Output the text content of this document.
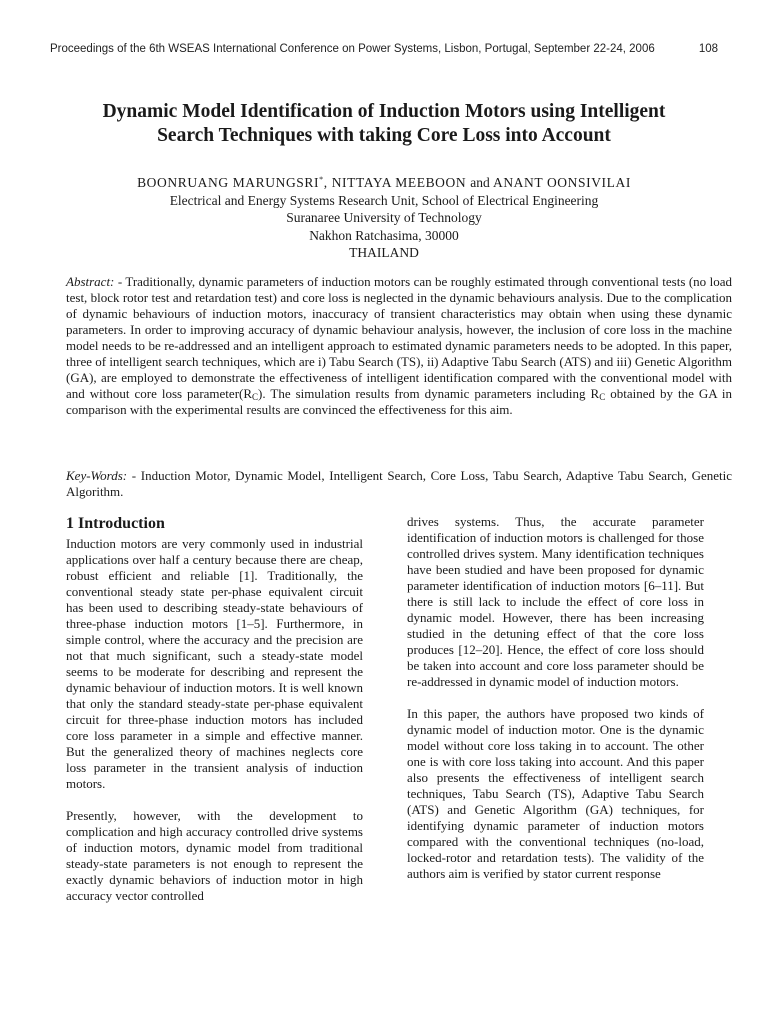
Proceedings of the 6th WSEAS International Conference on Power Systems, Lisbon, Portugal, September 22-24, 2006	108
Dynamic Model Identification of Induction Motors using Intelligent
Search Techniques with taking Core Loss into Account
BOONRUANG MARUNGSRI*, NITTAYA MEEBOON and ANANT OONSIVILAI
Electrical and Energy Systems Research Unit, School of Electrical Engineering
Suranaree University of Technology
Nakhon Ratchasima, 30000
THAILAND

Abstract: - Traditionally, dynamic parameters of induction motors can be roughly estimated through conventional tests (no load test, block rotor test and retardation test) and core loss is neglected in the dynamic behaviours analysis. Due to the complication of dynamic behaviours of induction motors, inaccuracy of transient characteristics may obtain when using these dynamic parameters. In order to improving accuracy of dynamic behaviour analysis, however, the inclusion of core loss in the machine model needs to be re-addressed and an intelligent approach to estimated dynamic parameters needs to be adopted. In this paper, three of intelligent search techniques, which are i) Tabu Search (TS), ii) Adaptive Tabu Search (ATS) and iii) Genetic Algorithm (GA), are employed to demonstrate the effectiveness of intelligent identification compared with the conventional model with and without core loss $parameter(R_C)$. The simulation results from dynamic parameters including $R_C$ obtained by the GA in comparison with the experimental results are convinced the effectiveness for this aim.

Key-Words: - Induction Motor, Dynamic Model, Intelligent Search, Core Loss, Tabu Search, Adaptive Tabu Search, Genetic Algorithm.

1 Introduction

Induction motors are very commonly used in industrial applications over half a century because there are cheap, robust efficient and reliable [1]. Traditionally, the conventional steady state per-phase equivalent circuit has been used to describing steady-state behaviours of three-phase induction motors [1–5]. Furthermore, in simple control, where the accuracy and the precision are not that much significant, such a steady-state model seems to be moderate for describing and represent the dynamic behaviour of induction motors. It is well known that only the standard steady-state per-phase equivalent circuit for three-phase induction motors has included core loss parameter in a simple and effective manner. But the generalized theory of machines neglects core loss parameter in the transient analysis of induction motors.

Presently, however, with the development to complication and high accuracy controlled drive systems of induction motors, dynamic model from traditional steady-state parameters is not enough to represent the exactly dynamic behaviors of induction motor in high accuracy vector controlled

drives systems. Thus, the accurate parameter identification of induction motors is challenged for those controlled drives system. Many identification techniques have been studied and have been proposed for dynamic parameter identification of induction motors [6–11]. But there is still lack to include the effect of core loss in dynamic model. However, there has been increasing studied in the detuning effect of that the core loss produces [12–20]. Hence, the effect of core loss should be taken into account and core loss parameter should be re-addressed in dynamic model of induction motors.

In this paper, the authors have proposed two kinds of dynamic model of induction motor. One is the dynamic model without core loss taking in to account. The other one is with core loss taking into account. And this paper also presents the effectiveness of intelligent search techniques, Tabu Search (TS), Adaptive Tabu Search (ATS) and Genetic Algorithm (GA) techniques, for identifying dynamic parameter of induction motors compared with the conventional techniques (no-load, locked-rotor and retardation tests). The validity of the authors aim is verified by stator current response
